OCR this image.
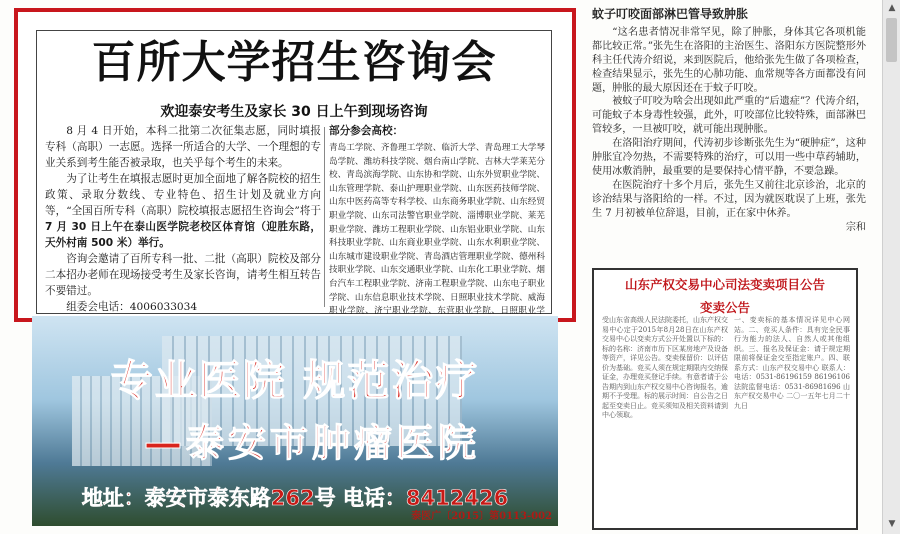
百所大学招生咨询会
欢迎泰安考生及家长 30 日上午到现场咨询

8 月 4 日开始，本科二批第二次征集志愿，同时填报专科（高职）一志愿。选择一所适合的大学、一个理想的专业关系到考生能否被录取，也关乎每个考生的未来。

为了让考生在填报志愿时更加全面地了解各院校的招生政策、录取分数线、专业特色、招生计划及就业方向等，“全国百所专科（高职）院校填报志愿招生咨询会”将于7 月 30 日上午在泰山医学院老校区体育馆（迎胜东路，天外村南 500 米）举行。

咨询会邀请了百所专科一批、二批（高职）院校及部分二本招办老师在现场接受考生及家长咨询，请考生相互转告不要错过。

组委会电话：4006033034

部分参会高校：
青岛工学院、齐鲁理工学院、临沂大学、青岛理工大学琴岛学院、潍坊科技学院、烟台南山学院、吉林大学莱芜分校、青岛滨海学院、山东协和学院、山东外贸职业学院、山东管理学院、泰山护理职业学院、山东医药技师学院、山东中医药高等专科学校、山东商务职业学院、山东经贸职业学院、山东司法警官职业学院、淄博职业学院、莱芜职业学院、潍坊工程职业学院、山东铝业职业学院、山东科技职业学院、山东商业职业学院、山东水利职业学院、山东城市建设职业学院、青岛酒店管理职业学院、德州科技职业学院、山东交通职业学院、山东化工职业学院、烟台汽车工程职业学院、济南工程职业学院、山东电子职业学院、山东信息职业技术学院、日照职业技术学院、威海职业学院、济宁职业学院、东营职业学院、日照职业学
专业医院 规范治疗
—泰安市肿瘤医院
地址：泰安市泰东路262号 电话：8412426
泰医广〔2015〕第0113-002
蚊子叮咬面部淋巴管导致肿胀

“这名患者情况非常罕见，除了肿胀，身体其它各项机能都比较正常。”张先生在洛阳的主治医生、洛阳东方医院整形外科主任代涛介绍说，来到医院后，他给张先生做了各项检查，检查结果显示，张先生的心肺功能、血常规等各方面都没有问题，肿胀的最大原因还在于蚊子叮咬。

被蚊子叮咬为啥会出现如此严重的“后遗症”？代涛介绍，可能蚊子本身毒性较强，此外，叮咬部位比较特殊，面部淋巴管较多，一旦被叮咬，就可能出现肿胀。

在洛阳治疗期间，代涛初步诊断张先生为“硬肿症”，这种肿胀宜冷勿热，不需要特殊的治疗，可以用一些中草药辅助，使用冰敷消肿，最重要的是要保持心情平静，不要急躁。

在医院治疗十多个月后，张先生又前往北京诊治，北京的诊治结果与洛阳给的一样。不过，因为就医耽误了上班，张先生 7 月初被单位辞退，目前，正在家中休养。

宗和

山东产权交易中心司法变卖项目公告
变卖公告
受山东省高级人民法院委托，山东产权交易中心定于2015年8月28日在山东产权交易中心以变卖方式公开处置以下标的：标的名称：济南市历下区某房地产及设备等资产，详见公告。变卖保留价：以评估价为基础。竞买人须在规定期限内交纳保证金，办理竞买登记手续。有意者请于公告期内到山东产权交易中心咨询报名，逾期不予受理。标的展示时间：自公告之日起至变卖日止。竞买须知及相关资料请到中心领取。
一、变卖标的基本情况详见中心网站。二、竞买人条件：具有完全民事行为能力的法人、自然人或其他组织。三、报名及保证金：请于规定期限前将保证金交至指定账户。四、联系方式：山东产权交易中心 联系人：电话：0531-86196159 86196106 法院监督电话：0531-86981696 山东产权交易中心 二〇一五年七月二十九日
▲
▼
